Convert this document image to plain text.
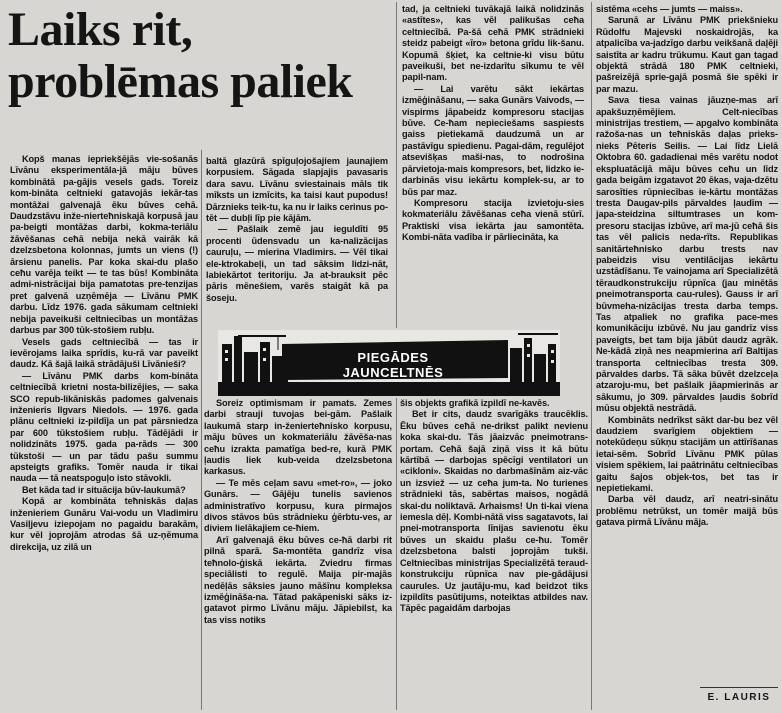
Laiks rit,
problēmas paliek

Kopš manas iepriekšējās vie-sošanās Līvānu eksperimentāla-jā māju būves kombinātā pa-gājis vesels gads. Toreiz kom-bināta celtnieki gatavojās iekār-tas montāžai galvenajā ēku būves cehā. Daudzstāvu inže-nierteħniskajā korpusā jau pa-beigti montāžas darbi, kokma-teriālu žāvēšanas ceħā nebija nekā vairāk kā dzelzsbetona kolonnas, jumts un viens (!) ārsienu panelis. Par koka skai-du plašo ceħu varēja teikt — te tas būs! Kombināta admi-nistrācijai bija pamatotas pre-tenzijas pret galvenā uzņēmēja — Līvānu PMK darbu. Līdz 1976. gada sākumam celtnieki nebija paveikuši celtniecības un montāžas darbus par 300 tūk-stošiem rubļu.

Vesels gads celtniecībā — tas ir ievērojams laika sprīdis, ku-rā var paveikt daudz. Kā šajā laikā strādājuši Līvānieši?

— Līvānu PMK darbs kom-bināta celtniecībā krietni nosta-bilizējies, — saka SCO repub-likāniskās padomes galvenais inženieris Ilgvars Niedols. — 1976. gada plānu celtnieki iz-pildīja un pat pārsniedza par 600 tūkstošiem rubļu. Tādējādi ir nolidzināts 1975. gada pa-rāds — 300 tūkstoši — un par tādu pašu summu apsteigts grafiks. Tomēr nauda ir tikai nauda — tā neatspoguļo isto stāvokli.

Bet kāda tad ir situācija būv-laukumā?

Kopā ar kombināta teħniskās daļas inženieriem Gunāru Vai-vodu un Vladimiru Vasiļjevu iziepojam no pagaidu barakām, kur vēl joprojām atrodas šā uz-ņēmuma direkcija, uz zilā un

baltā glazūrā spīguļojošajiem jaunajiem korpusiem. Sāgada slapjajis pavasaris dara savu. Līvānu sviestainais māls tik mīksts un izmīcits, ka taisi kaut pupodus! Dārznieks teik-tu, ka nu ir laiks cerinus po-tēt — dubļi līp pie kājām.

— Pašlaik zemē jau ieguldīti 95 procenti ūdensvadu un ka-nalizācijas cauruļu, — mierina Vladimirs. — Vēl tikai ele-ktrokabeļi, un tad sāksim lidzi-nāt, labiekārtot teritoriju. Ja at-brauksit pēc pāris mēnešiem, varēs staigāt kā pa šoseju.

tad, ja celtnieki tuvākajā laikā nolidzinās «astītes», kas vēl palikušas ceħa celtniecībā. Pa-šā ceħā PMK strādnieki steidz pabeigt «īro» betona grīdu lik-šanu. Kopumā šķiet, ka celtnie-ki visu būtu paveikuši, bet ne-izdarītu sīkumu te vēl papil-nam.

— Lai varētu sākt iekārtas izmēģināšanu, — saka Gunārs Vaivods, — vispirms jāpabeidz kompresoru stacijas būve. Ce-ħam nepieciešams saspiests gaiss pietiekamā daudzumā un ar pastāvīgu spiedienu. Pagai-dām, regulējot atsevišķas maši-nas, to nodrošina pārvietoja-mais kompresors, bet, lidzko ie-darbinās visu iekārtu komplek-su, ar to būs par maz.

Kompresoru stacija izvietoju-sies kokmateriālu žāvēšanas ceħa vienā stūrī. Praktiski visa iekārta jau samontēta. Kombi-nāta vadība ir pārliecināta, ka

PIEGĀDES
JAUNCELTNĒS

Soreiz optimismam ir pamats. Zemes darbi strauji tuvojas bei-gām. Pašlaik laukumā starp in-ženierteħnisko korpusu, māju būves un kokmateriālu žāvēša-nas ceħu izrakta pamatīga bed-re, kurā PMK ļaudis liek kub-veida dzelzsbetona karkasus.

— Te mēs ceļam savu «met-ro», — joko Gunārs. — Gājēju tunelis savienos administratīvo korpusu, kura pirmajos divos stāvos būs strādnieku ģērbtu-ves, ar diviem lielākajiem ce-ħiem.

Arī galvenajā ēku būves ce-ħā darbi rit pilnā sparā. Sa-montēta gandrīz visa teħnolo-ģiskā iekārta. Zviedru firmas speciālisti to regulē. Maija pir-majās nedēļās sāksies jauno māšīnu kompleksa izmēģināša-na. Tātad pakāpeniski sāks iz-gatavot pirmo Līvānu māju. Jāpiebilst, ka tas viss notiks

šis objekts grafikā izpildī ne-kavēs.

Bet ir cits, daudz svarīgāks traucēklis. Ēku būves ceħā ne-drikst palikt nevienu koka skai-du. Tās jāaizvāc pneimotrans-portam. Ceħā šajā ziņā viss it kā būtu kārtībā — darbojas spēcīgi ventilatori un «cikloni». Skaidas no darbmašīnām aiz-vāc un izsviež — uz ceħa jum-ta. No turienes strādnieki tās, sabērtas maisos, nogādā skai-du noliktavā. Arhaisms! Un ti-kai viena iemesla dēļ. Kombi-nātā viss sagatavots, lai pnei-motransporta līnijas savienotu ēku būves un skaidu plašu ce-ħu. Tomēr dzelzsbetona balsti joprojām tukši. Celtniecības ministrijas Specializētā teraud-konstrukciju rūpnīca nav pie-gādājusi caurules. Uz jautāju-mu, kad beidzot tiks izpildīts pasūtijums, noteiktas atbildes nav. Tāpēc pagaidām darbojas

sistēma «cehs — jumts — maiss».

Sarunā ar Līvānu PMK priekšnieku Rūdolfu Majevski noskaidrojās, ka atpalicība va-jadzīgo darbu veikšanā daļēji saistīta ar kadru trūkumu. Kaut gan tagad objektā strādā 180 PMK celtnieki, pašreizējā sprie-gajā posmā šie spēki ir par mazu.

Sava tiesa vainas jāuzņe-mas arī apakšuzņēmējiem. Celt-niecības ministrijas trestiem, — apgalvo kombināta ražoša-nas un teħniskās daļas prieks-nieks Pēteris Seilis. — Lai līdz Lielā Oktobra 60. gadadienai mēs varētu nodot ekspluatācijā māju būves ceħu un līdz gada beigām izgatavot 20 ēkas, vaja-dzētu sarosīties rūpniecības ie-kārtu montāžas trestа Daugav-pils pārvaldes ļaudīm — japa-steidzina siltumtrases un kom-presoru stacijas izbūve, arī ma-jū ceħā šis tas vēl palicis neda-rīts. Republikas sanitārteħnisko darbu trests nav pabeidzis visu ventilācijas iekārtu uzstādīšanu. Te vainojama arī Specializētā tēraudkonstrukciju rūpnīca (jau minētās pneimotransporta cau-rules). Gauss ir arī būvmeha-nizācijas tresta darba temps. Tas atpaliek no grafika pace-mes komunikāciju izbūvē. Nu jau gandrīz viss paveigts, bet tam bija jābūt daudz agrāk. Ne-kādā ziņā nes neapmierina arī Baltijas transporta celtniecības tresta 309. pārvaldes darbs. Tā sāka būvēt dzelzceļa atzaroju-mu, bet pašlaik jāapmierinās ar sākumu, jo 309. pārvaldes ļaudis šobrīd mūsu objektā nestrādā.

Kombināts nedrīkst sākt dar-bu bez vēl daudziem svarīgiem objektiem — notekūdeņu sūkņu stacijām un attīrīšanas ietai-sēm. Sobrīd Līvānu PMK pūlas visiem spēkiem, lai paātrinātu celtniecības gaitu šajos objek-tos, bet tas ir nepietiekami.

Darba vēl daudz, arī neatri-sinātu problēmu netrūkst, un tomēr maijā būs gatava pirmā Līvānu māja.

E. LAURIS
